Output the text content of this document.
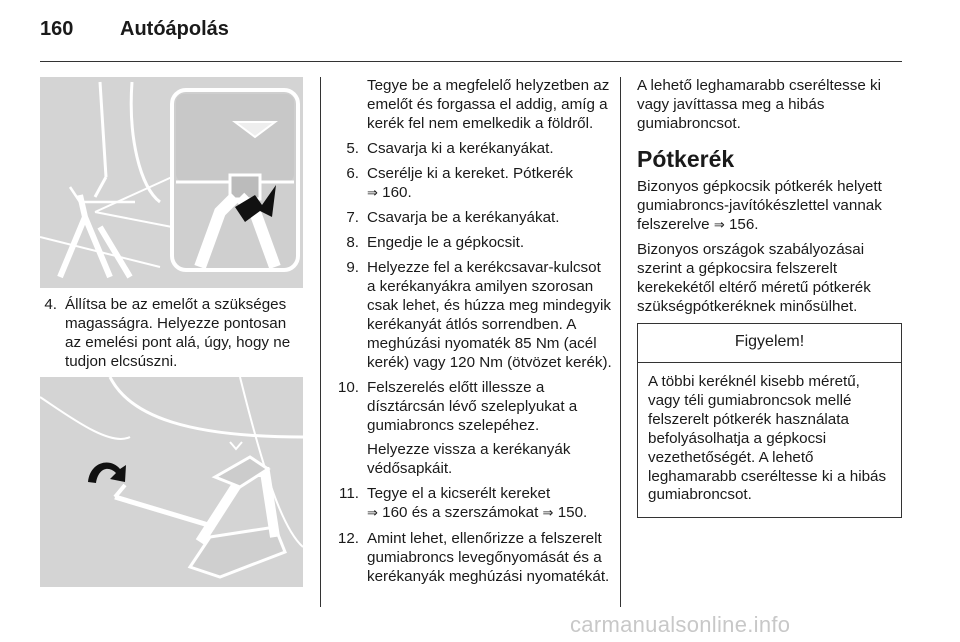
160	Autóápolás
4. Állítsa be az emelőt a szükséges magasságra. Helyezze pontosan az emelési pont alá, úgy, hogy ne tudjon elcsúszni.
Tegye be a megfelelő helyzetben az emelőt és forgassa el addig, amíg a kerék fel nem emelkedik a földről.
5. Csavarja ki a kerékanyákat.
6. Cserélje ki a kereket. Pótkerék
⇒ 160.
7. Csavarja be a kerékanyákat.
8. Engedje le a gépkocsit.
9. Helyezze fel a kerékcsavar-kulcsot a kerékanyákra amilyen szorosan csak lehet, és húzza meg mindegyik kerékanyát átlós sorrendben. A meghúzási nyomaték 85 Nm (acél kerék) vagy 120 Nm (ötvözet kerék).
10. Felszerelés előtt illessze a dísztárcsán lévő szeleplyukat a gumiabroncs szelepéhez.
Helyezze vissza a kerékanyák védősapkáit.
11. Tegye el a kicserélt kereket
⇒ 160 és a szerszámokat ⇒ 150.
12. Amint lehet, ellenőrizze a felszerelt gumiabroncs levegőnyomását és a kerékanyák meghúzási nyomatékát.

A lehető leghamarabb cseréltesse ki vagy javíttassa meg a hibás gumiabroncsot.

Pótkerék

Bizonyos gépkocsik pótkerék helyett gumiabroncs-javítókészlettel vannak felszerelve ⇒ 156.

Bizonyos országok szabályozásai szerint a gépkocsira felszerelt kerekekétől eltérő méretű pótkerék szükségpótkeréknek minősülhet.

Figyelem!
A többi keréknél kisebb méretű, vagy téli gumiabroncsok mellé felszerelt pótkerék használata befolyásolhatja a gépkocsi vezethetőségét. A lehető leghamarabb cseréltesse ki a hibás gumiabroncsot.
carmanualsonline.info
